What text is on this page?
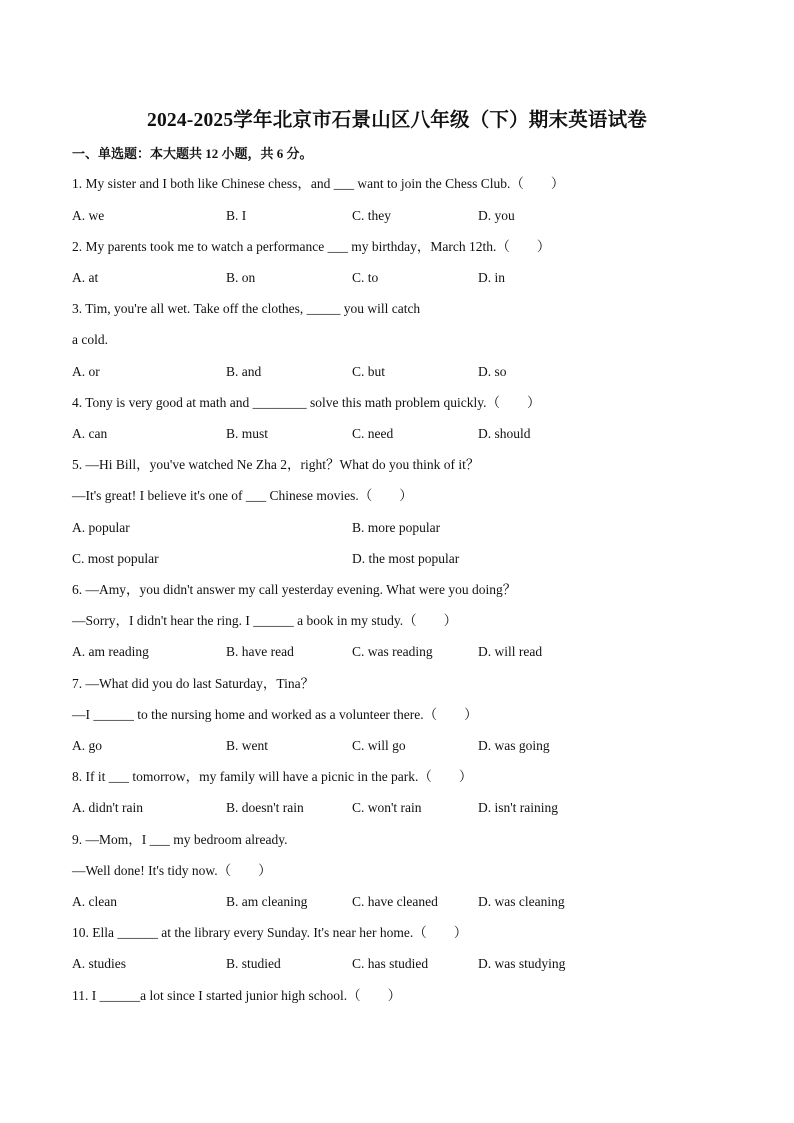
2024-2025学年北京市石景山区八年级（下）期末英语试卷
一、单选题：本大题共 12 小题，共 6 分。
1. My sister and I both like Chinese chess，and ___ want to join the Chess Club.（　　）
A. we	B. I	C. they	D. you
2. My parents took me to watch a performance ___ my birthday，March 12th.（　　）
A. at	B. on	C. to	D. in
3. Tim, you're all wet. Take off the clothes, _____ you will catch
a cold.
A. or	B. and	C. but	D. so
4. Tony is very good at math and ________ solve this math problem quickly.（　　）
A. can	B. must	C. need	D. should
5. —Hi Bill，you've watched Ne Zha 2，right？What do you think of it？
—It's great! I believe it's one of ___ Chinese movies.（　　）
A. popular	B. more popular
C. most popular	D. the most popular
6. —Amy，you didn't answer my call yesterday evening. What were you doing？
—Sorry，I didn't hear the ring. I ______ a book in my study.（　　）
A. am reading	B. have read	C. was reading	D. will read
7. —What did you do last Saturday，Tina？
—I ______ to the nursing home and worked as a volunteer there.（　　）
A. go	B. went	C. will go	D. was going
8. If it ___ tomorrow，my family will have a picnic in the park.（　　）
A. didn't rain	B. doesn't rain	C. won't rain	D. isn't raining
9. —Mom，I ___ my bedroom already.
—Well done! It's tidy now.（　　）
A. clean	B. am cleaning	C. have cleaned	D. was cleaning
10. Ella ______ at the library every Sunday. It's near her home.（　　）
A. studies	B. studied	C. has studied	D. was studying
11. I ______a lot since I started junior high school.（　　）
